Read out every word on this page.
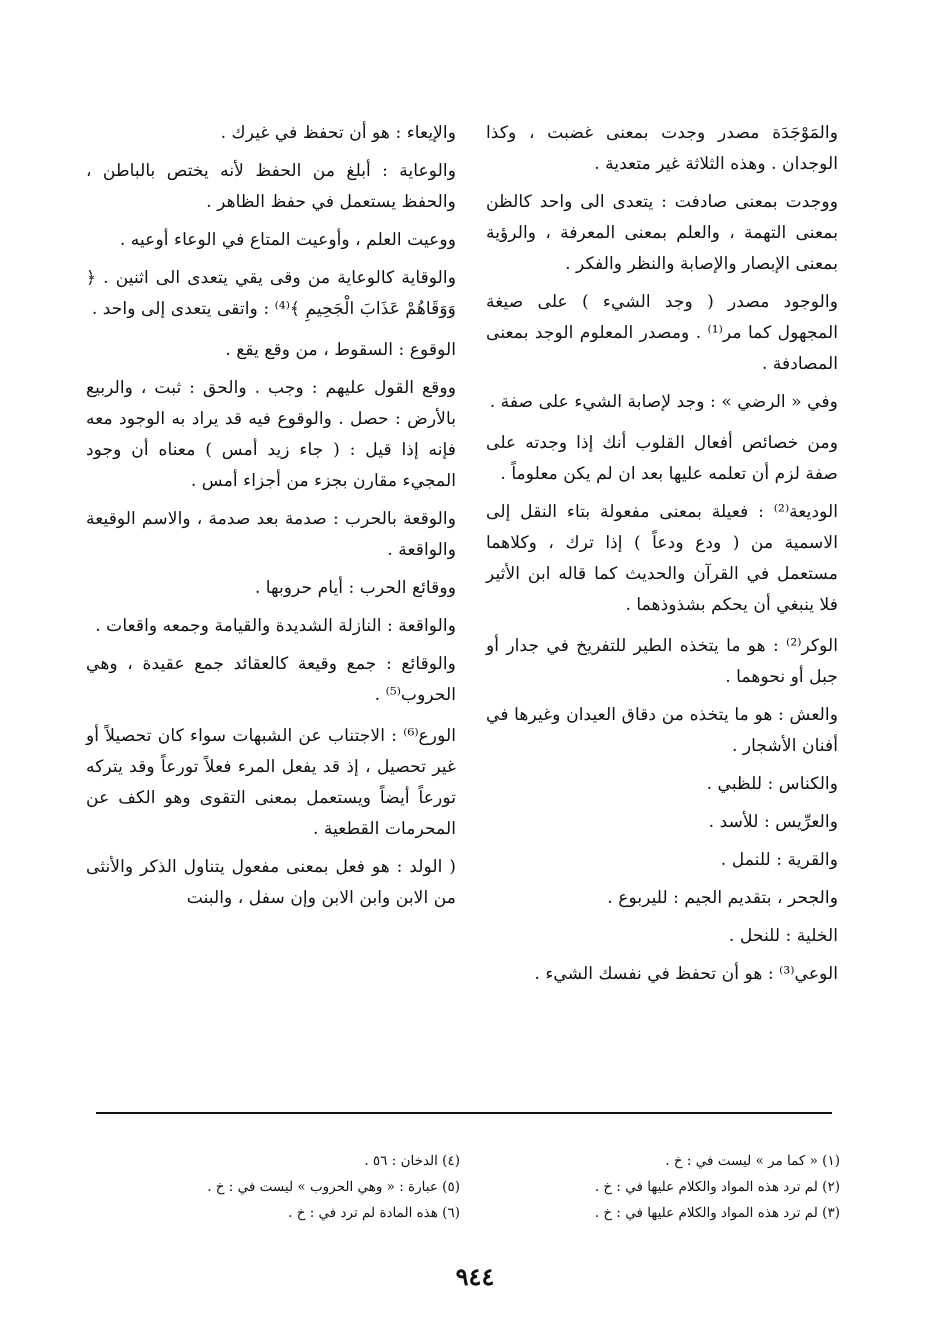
والمَوْجَدَة مصدر وجدت بمعنى غضبت ، وكذا الوجدان . وهذه الثلاثة غير متعدية .

ووجدت بمعنى صادفت : يتعدى الى واحد كالظن بمعنى التهمة ، والعلم بمعنى المعرفة ، والرؤية بمعنى الإبصار والإصابة والنظر والفكر .

والوجود مصدر ( وجد الشيء ) على صيغة المجهول كما مر⁽¹⁾ . ومصدر المعلوم الوجد بمعنى المصادفة .

وفي « الرضي » : وجد لإصابة الشيء على صفة .

ومن خصائص أفعال القلوب أنك إذا وجدته على صفة لزم أن تعلمه عليها بعد ان لم يكن معلوماً .

الوديعة⁽²⁾ : فعيلة بمعنى مفعولة بتاء النقل إلى الاسمية من ( ودع ودعاً ) إذا ترك ، وكلاهما مستعمل في القرآن والحديث كما قاله ابن الأثير فلا ينبغي أن يحكم بشذوذهما .

الوكر⁽²⁾ : هو ما يتخذه الطير للتفريخ في جدار أو جبل أو نحوهما .

والعش : هو ما يتخذه من دقاق العيدان وغيرها في أفنان الأشجار .

والكناس : للظبي .

والعرِّيس : للأسد .

والقرية : للنمل .

والجحر ، بتقديم الجيم : لليربوع .

الخلية : للنحل .

الوعي⁽³⁾ : هو أن تحفظ في نفسك الشيء .

والإيعاء : هو أن تحفظ في غيرك .

والوعاية : أبلغ من الحفظ لأنه يختص بالباطن ، والحفظ يستعمل في حفظ الظاهر .

ووعيت العلم ، وأوعيت المتاع في الوعاء أوعيه .

والوقاية كالوعاية من وقى يقي يتعدى الى اثنين . ﴿ وَوَقَاهُمْ عَذَابَ الْجَحِيمِ ﴾⁽⁴⁾ : واتقى يتعدى إلى واحد .

الوقوع : السقوط ، من وقع يقع .

ووقع القول عليهم : وجب . والحق : ثبت ، والربيع بالأرض : حصل . والوقوع فيه قد يراد به الوجود معه فإنه إذا قيل : ( جاء زيد أمس ) معناه أن وجود المجيء مقارن بجزء من أجزاء أمس .

والوقعة بالحرب : صدمة بعد صدمة ، والاسم الوقيعة والواقعة .

ووقائع الحرب : أيام حروبها .

والواقعة : النازلة الشديدة والقيامة وجمعه واقعات .

والوقائع : جمع وقيعة كالعقائد جمع عقيدة ، وهي الحروب⁽⁵⁾ .

الورع⁽⁶⁾ : الاجتناب عن الشبهات سواء كان تحصيلاً أو غير تحصيل ، إذ قد يفعل المرء فعلاً تورعاً وقد يتركه تورعاً أيضاً ويستعمل بمعنى التقوى وهو الكف عن المحرمات القطعية .

( الولد : هو فعل بمعنى مفعول يتناول الذكر والأنثى من الابن وابن الابن وإن سفل ، والبنت

(١) « كما مر » ليست في : خ .

(٢) لم ترد هذه المواد والكلام عليها في : خ .

(٣) لم ترد هذه المواد والكلام عليها في : خ .

(٤) الدخان : ٥٦ .

(٥) عبارة : « وهي الحروب » ليست في : خ .

(٦) هذه المادة لم ترد في : خ .

٩٤٤
